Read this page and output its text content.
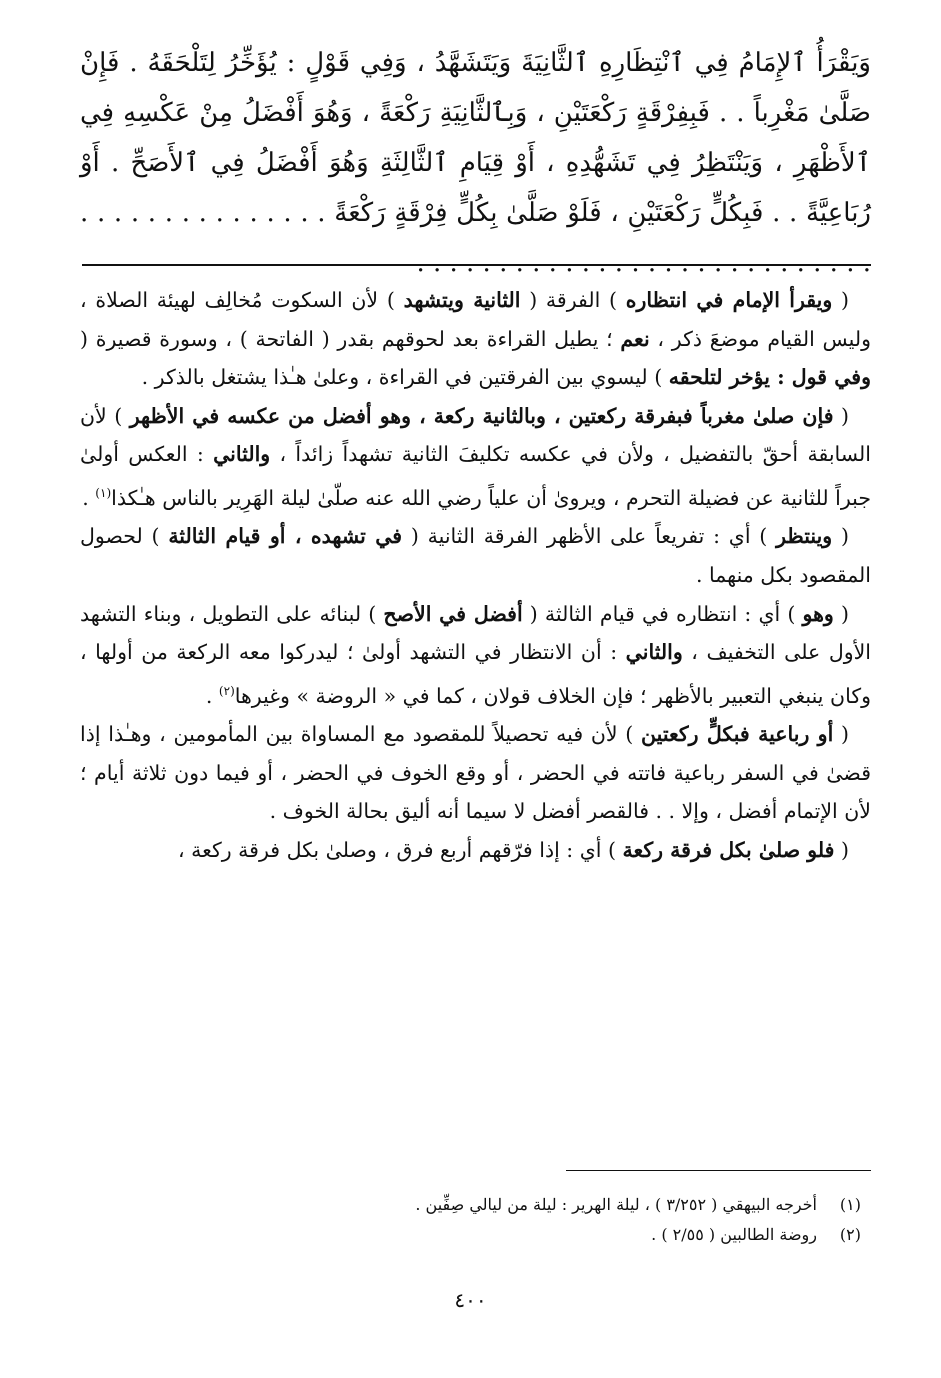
وَيَقْرَأُ ٱلإِمَامُ فِي ٱنْتِظَارِهِ ٱلثَّانِيَةَ وَيَتَشَهَّدُ ، وَفِي قَوْلٍ : يُؤَخِّرُ لِتَلْحَقَهُ . فَإِنْ صَلَّىٰ مَغْرِباً . . فَبِفِرْقَةٍ رَكْعَتَيْنِ ، وَبِٱلثَّانِيَةِ رَكْعَةً ، وَهُوَ أَفْضَلُ مِنْ عَكْسِهِ فِي ٱلأَظْهَرِ ، وَيَنْتَظِرُ فِي تَشَهُّدِهِ ، أَوْ قِيَامِ ٱلثَّالِثَةِ وَهُوَ أَفْضَلُ فِي ٱلأَصَحِّ . أَوْ رُبَاعِيَّةً . . فَبِكُلٍّ رَكْعَتَيْنِ ، فَلَوْ صَلَّىٰ بِكُلٍّ فِرْقَةٍ رَكْعَةً . . . . . . . . . . . . . . . . . . . . . . . . . . . . . . . . . . . . . . . . . . .

( ويقرأ الإمام في انتظاره ) الفرقة ( الثانية ويتشهد ) لأن السكوت مُخالِف لهيئة الصلاة ، وليس القيام موضعَ ذكر ، نعم ؛ يطيل القراءة بعد لحوقهم بقدر ( الفاتحة ) ، وسورة قصيرة ( وفي قول : يؤخر لتلحقه ) ليسوي بين الفرقتين في القراءة ، وعلىٰ هـٰذا يشتغل بالذكر .

( فإن صلىٰ مغرباً فبفرقة ركعتين ، وبالثانية ركعة ، وهو أفضل من عكسه في الأظهر ) لأن السابقة أحقّ بالتفضيل ، ولأن في عكسه تكليفَ الثانية تشهداً زائداً ، والثاني : العكس أولىٰ جبراً للثانية عن فضيلة التحرم ، ويروىٰ أن علياً رضي الله عنه صلّىٰ ليلة الهَرِير بالناس هـٰكذا$^{(١)}$ .

( وينتظر ) أي : تفريعاً على الأظهر الفرقة الثانية ( في تشهده ، أو قيام الثالثة ) لحصول المقصود بكل منهما .

( وهو ) أي : انتظاره في قيام الثالثة ( أفضل في الأصح ) لبنائه على التطويل ، وبناء التشهد الأول على التخفيف ، والثاني : أن الانتظار في التشهد أولىٰ ؛ ليدركوا معه الركعة من أولها ، وكان ينبغي التعبير بالأظهر ؛ فإن الخلاف قولان ، كما في « الروضة » وغيرها$^{(٢)}$ .

( أو رباعية فبكلٍّ ركعتين ) لأن فيه تحصيلاً للمقصود مع المساواة بين المأمومين ، وهـٰذا إذا قضىٰ في السفر رباعية فاتته في الحضر ، أو وقع الخوف في الحضر ، أو فيما دون ثلاثة أيام ؛ لأن الإتمام أفضل ، وإلا . . فالقصر أفضل لا سيما أنه أليق بحالة الخوف .

( فلو صلىٰ بكل فرقة ركعة ) أي : إذا فرّقهم أربع فرق ، وصلىٰ بكل فرقة ركعة ،

(١)أخرجه البيهقي ( ٣/٢٥٢ ) ، ليلة الهرير : ليلة من ليالي صِفِّين .
(٢)روضة الطالبين ( ٢/٥٥ ) .
٤٠٠
